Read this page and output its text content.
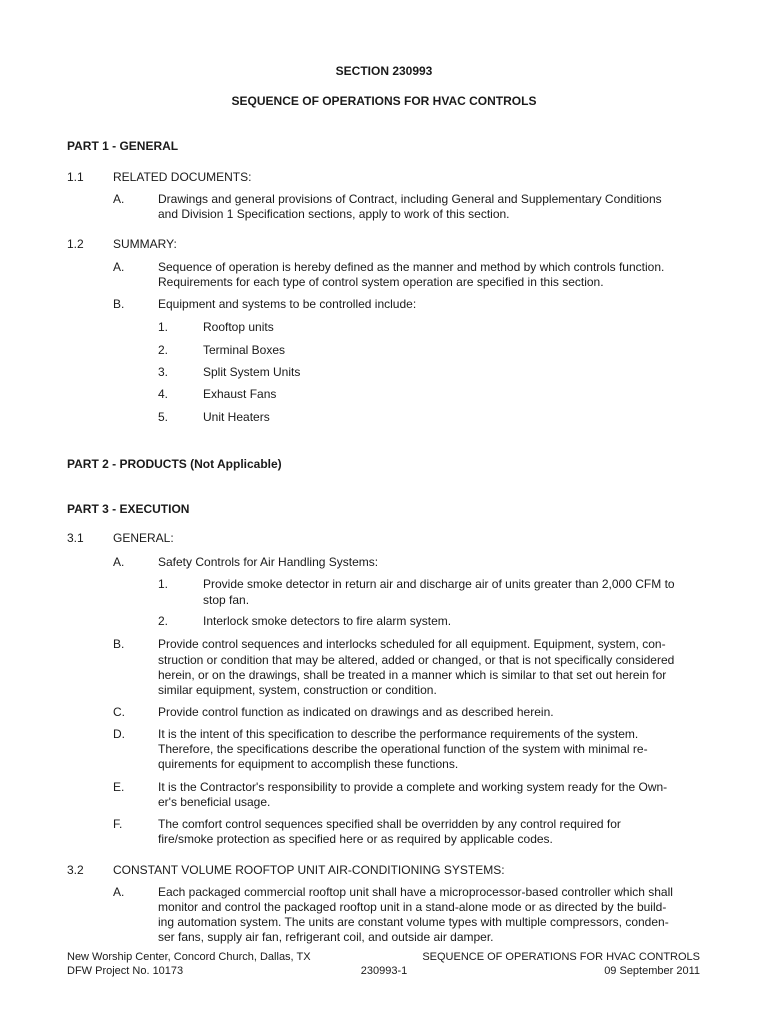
SECTION 230993
SEQUENCE OF OPERATIONS FOR HVAC CONTROLS
PART 1 - GENERAL
1.1 RELATED DOCUMENTS:
A.	Drawings and general provisions of Contract, including General and Supplementary Conditions
and Division 1 Specification sections, apply to work of this section.
1.2 SUMMARY:
A.	Sequence of operation is hereby defined as the manner and method by which controls function.
Requirements for each type of control system operation are specified in this section.
B.	Equipment and systems to be controlled include:
1.	Rooftop units
2.	Terminal Boxes
3.	Split System Units
4.	Exhaust Fans
5.	Unit Heaters
PART 2 - PRODUCTS (Not Applicable)
PART 3 - EXECUTION
3.1 GENERAL:
A.	Safety Controls for Air Handling Systems:
1.	Provide smoke detector in return air and discharge air of units greater than 2,000 CFM to
stop fan.
2.	Interlock smoke detectors to fire alarm system.
B.	Provide control sequences and interlocks scheduled for all equipment. Equipment, system, con-
struction or condition that may be altered, added or changed, or that is not specifically considered
herein, or on the drawings, shall be treated in a manner which is similar to that set out herein for
similar equipment, system, construction or condition.
C.	Provide control function as indicated on drawings and as described herein.
D.	It is the intent of this specification to describe the performance requirements of the system.
Therefore, the specifications describe the operational function of the system with minimal re-
quirements for equipment to accomplish these functions.
E.	It is the Contractor's responsibility to provide a complete and working system ready for the Own-
er's beneficial usage.
F.	The comfort control sequences specified shall be overridden by any control required for
fire/smoke protection as specified here or as required by applicable codes.
3.2 CONSTANT VOLUME ROOFTOP UNIT AIR-CONDITIONING SYSTEMS:
A.	Each packaged commercial rooftop unit shall have a microprocessor-based controller which shall
monitor and control the packaged rooftop unit in a stand-alone mode or as directed by the build-
ing automation system. The units are constant volume types with multiple compressors, conden-
ser fans, supply air fan, refrigerant coil, and outside air damper.
New Worship Center, Concord Church, Dallas, TX
DFW Project No. 10173	230993-1
SEQUENCE OF OPERATIONS FOR HVAC CONTROLS
09 September 2011
